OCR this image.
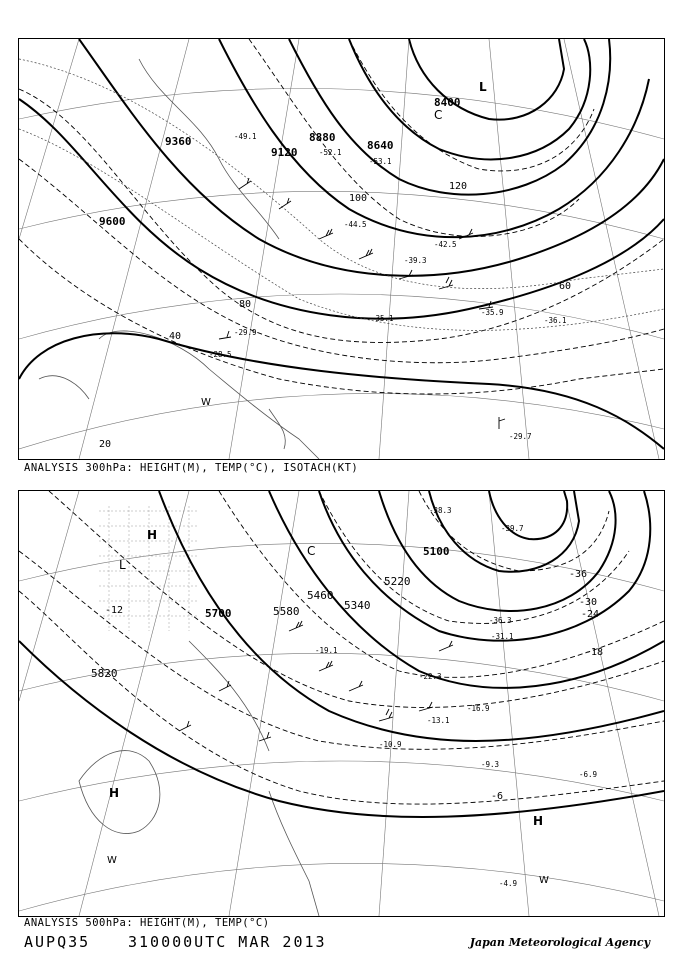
9600
9360
9120
8880
8640
8400
20
40
60
80
100
120
-29.7
-28.5
-29.9
-35.1	-36.1
-35.9
-39.3
-42.5
-44.5
-49.1
-52.1
-53.1
L
C
W
ANALYSIS 300hPa: HEIGHT(M), TEMP(°C), ISOTACH(KT)
5820
5700	5580
5460
5340
5220
5100
-6
-12
-18
-24
-30
-36
-4.9
-6.9
-9.3
-10.9
-13.1
-16.9
-19.1
-22.3
-31.1
-36.3
-38.3
-39.7
H
L
C
H
H
W
W
ANALYSIS 500hPa: HEIGHT(M), TEMP(°C)
AUPQ35	310000UTC MAR 2013	Japan Meteorological Agency
